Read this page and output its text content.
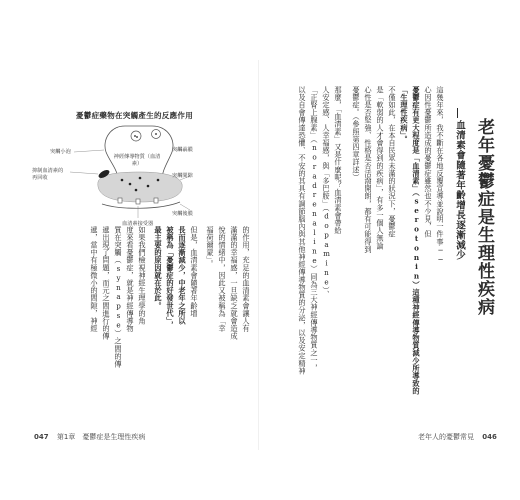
老年憂鬱症是生理性疾病
血清素會隨著年齡增長逐漸減少
這幾年來，我不斷在各地反覆宣導並說明一件事──
心因性憂鬱所造成的憂鬱症雖然也不少見，但
憂鬱症有更大程度是「血清素」（serotonin）這種神經傳導物質減少所導致的
「生理性疾病」。
不僅如此，在本自民眾未滿的狀況下，憂鬱症
是「軟弱的人才會得到的疾病」，有多一個人無論
心性是否堅強、性格是否活潑開朗，都有可能得到
憂鬱症。（參照第四章詳述）
那麼，「血清素」又是什麼呢？血清素會帶給
人安定感、人幸福感，與「多巴胺」（dopamine）、
「正腎上腺素」（noradrenaline）同為三大神經傳導物質之一，
以及自會傳達恐懼、不安的其具有調節腦內與其他神經傳導物質的分泌，以及安定精神
的作用，充足的血清素會讓人有
滿滿的幸福感，一旦缺乏就會造成
悅的情緒中，因此又被稱為「幸
福荷爾蒙」。
但是，血清素會隨著年齡增
長而逐漸減少，中老年之所以
被稱為「憂鬱症的好發世代」，
最主要的原因就在於此。
如果我們檢視神經生理學的角
度來看憂鬱症，就是神經傳導物
質在突觸（synapse）之間的傳
遞出現了問題，而元之間進行的傳
遞，當中有極微小的間隙，神經
憂鬱症藥物在突觸產生的反應作用
突觸小泡
抑制血清素的再回收
神經傳導物質（血清素）
突觸前膜
突觸間隙
血清素接受器
突觸後膜
047 第1章　憂鬱症是生理性疾病	老年人的憂鬱常見 046
